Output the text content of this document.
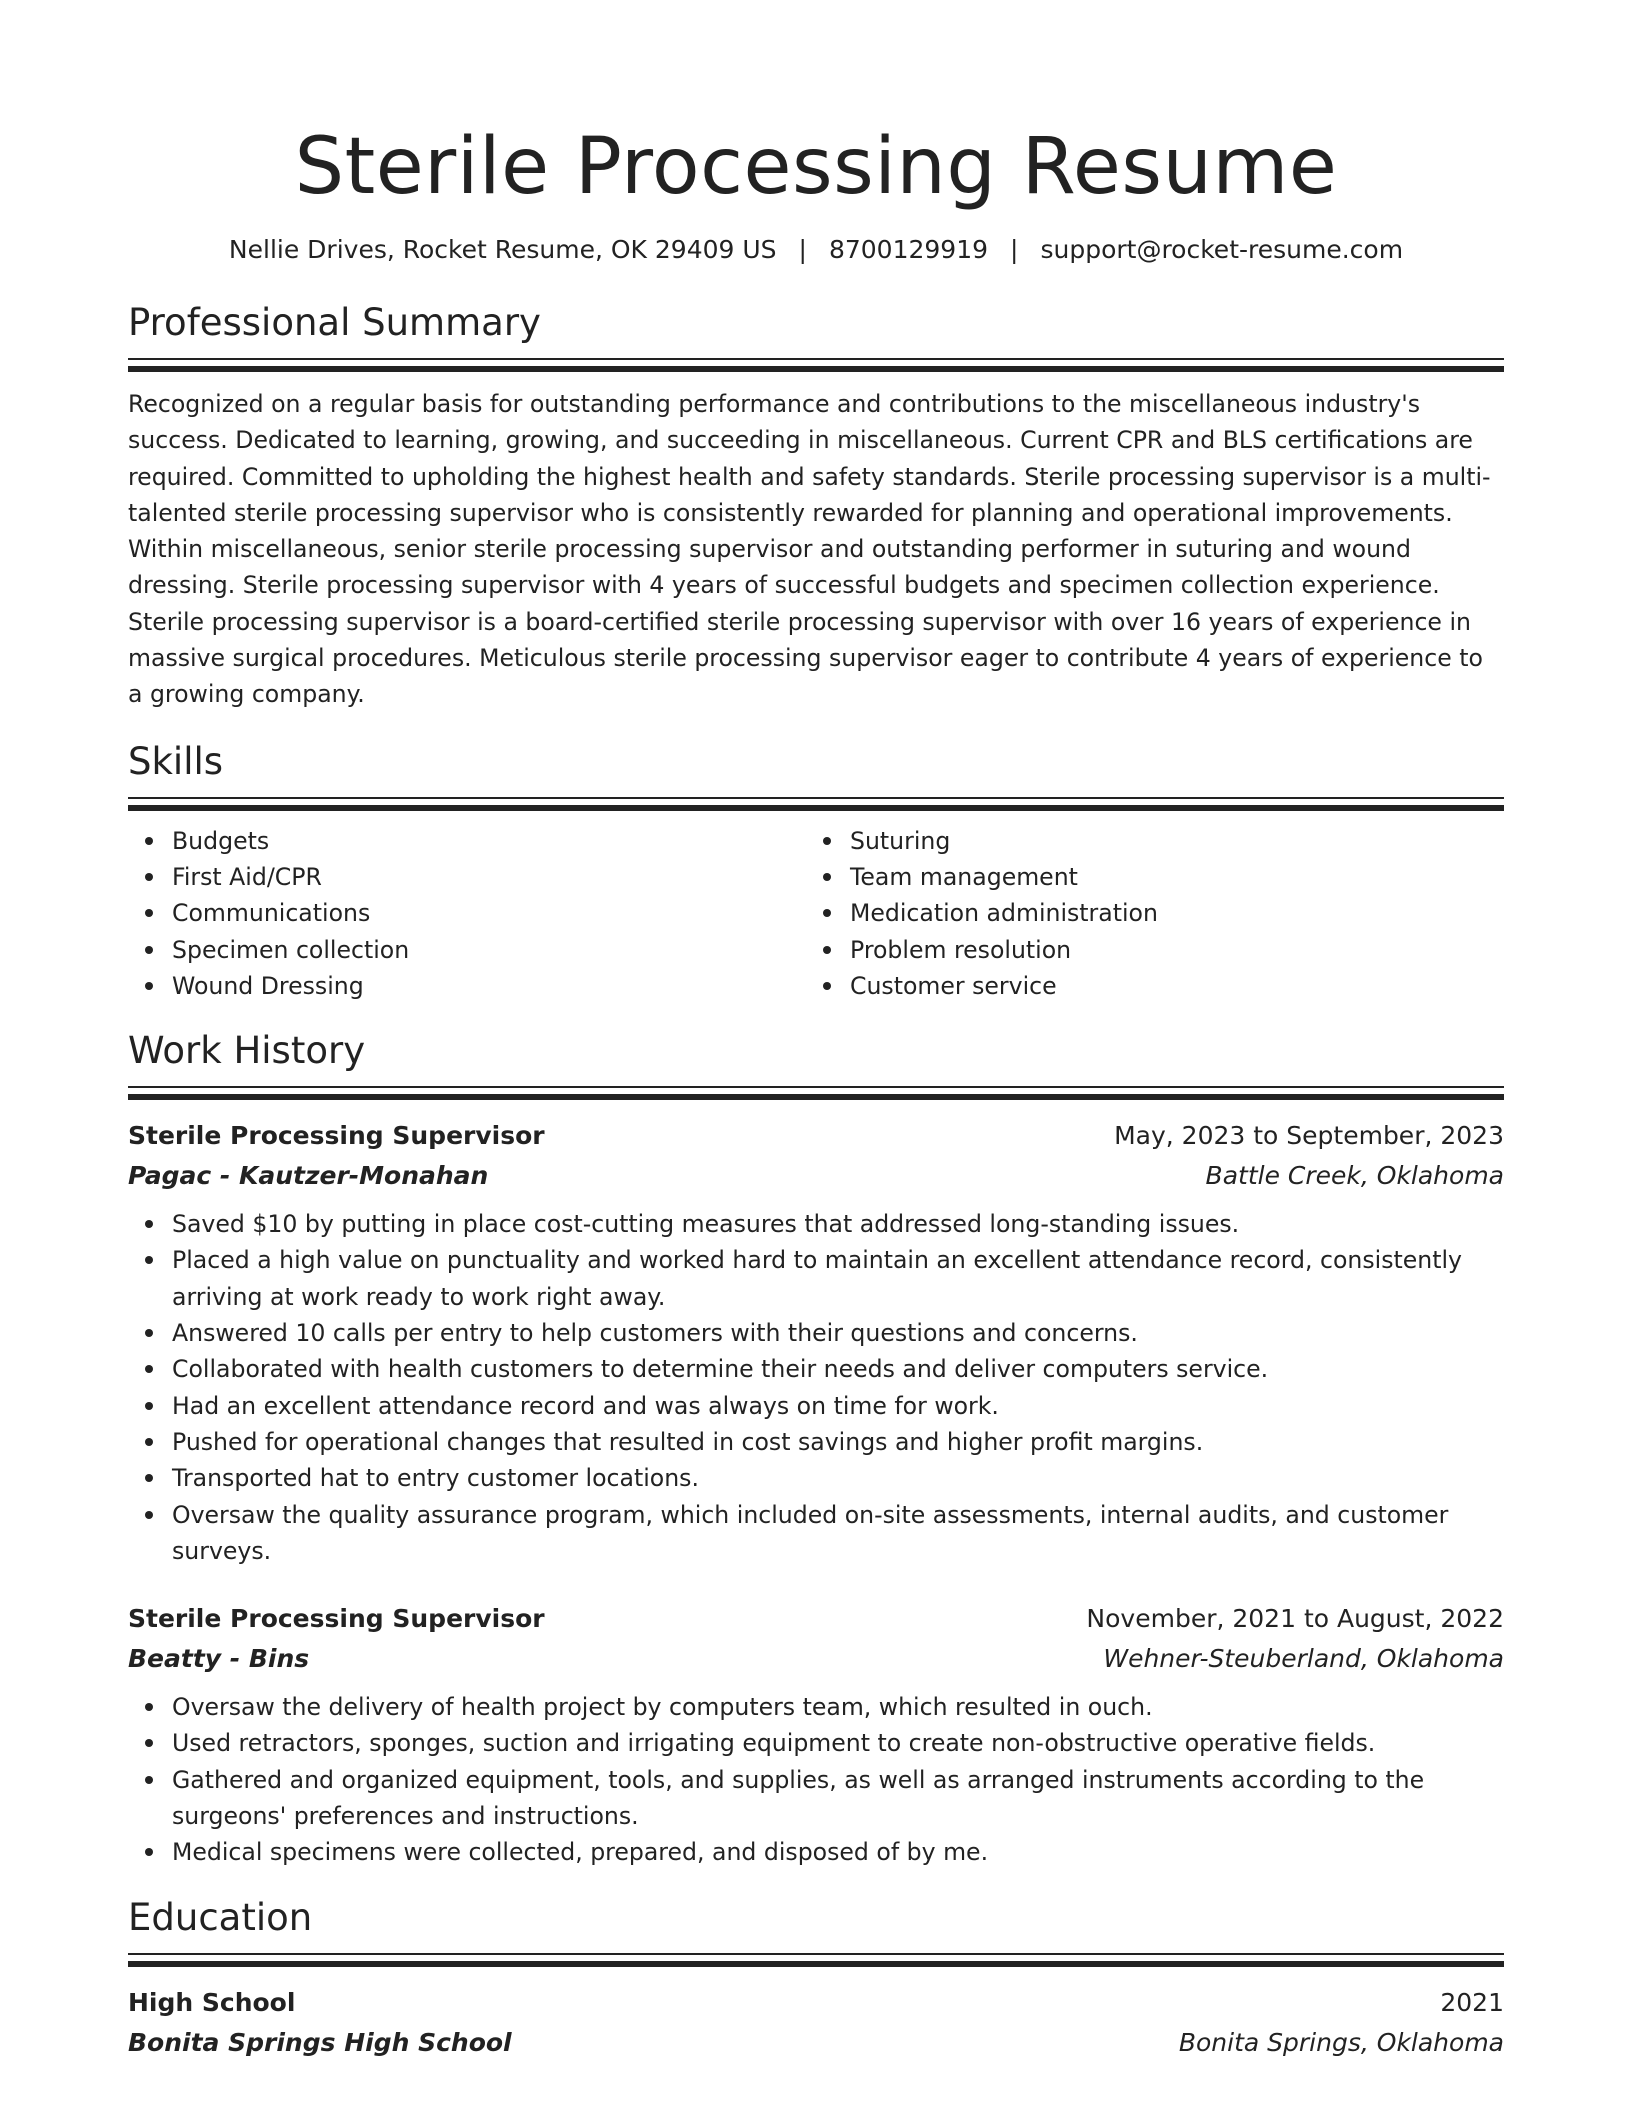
Sterile Processing Resume
Nellie Drives, Rocket Resume, OK 29409 US | 8700129919 | support@rocket-resume.com
Professional Summary

Recognized on a regular basis for outstanding performance and contributions to the miscellaneous industry's success. Dedicated to learning, growing, and succeeding in miscellaneous. Current CPR and BLS certifications are required. Committed to upholding the highest health and safety standards. Sterile processing supervisor is a multi-talented sterile processing supervisor who is consistently rewarded for planning and operational improvements. Within miscellaneous, senior sterile processing supervisor and outstanding performer in suturing and wound dressing. Sterile processing supervisor with 4 years of successful budgets and specimen collection experience. Sterile processing supervisor is a board-certified sterile processing supervisor with over 16 years of experience in massive surgical procedures. Meticulous sterile processing supervisor eager to contribute 4 years of experience to a growing company.

Skills
Budgets
First Aid/CPR
Communications
Specimen collection
Wound Dressing
Suturing
Team management
Medication administration
Problem resolution
Customer service
Work History
Sterile Processing Supervisor	May, 2023 to September, 2023
Pagac - Kautzer-Monahan	Battle Creek, Oklahoma
Saved $10 by putting in place cost-cutting measures that addressed long-standing issues.
Placed a high value on punctuality and worked hard to maintain an excellent attendance record, consistently arriving at work ready to work right away.
Answered 10 calls per entry to help customers with their questions and concerns.
Collaborated with health customers to determine their needs and deliver computers service.
Had an excellent attendance record and was always on time for work.
Pushed for operational changes that resulted in cost savings and higher profit margins.
Transported hat to entry customer locations.
Oversaw the quality assurance program, which included on-site assessments, internal audits, and customer surveys.
Sterile Processing Supervisor	November, 2021 to August, 2022
Beatty - Bins	Wehner-Steuberland, Oklahoma
Oversaw the delivery of health project by computers team, which resulted in ouch.
Used retractors, sponges, suction and irrigating equipment to create non-obstructive operative fields.
Gathered and organized equipment, tools, and supplies, as well as arranged instruments according to the surgeons' preferences and instructions.
Medical specimens were collected, prepared, and disposed of by me.
Education
High School	2021
Bonita Springs High School	Bonita Springs, Oklahoma
